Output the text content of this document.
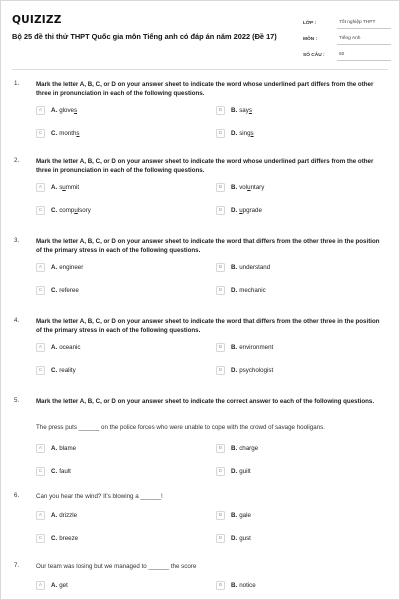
QUIZIZZ
Bộ 25 đề thi thử THPT Quốc gia môn Tiếng anh có đáp án năm 2022 (Đề 17)
LỚP :	Tốt nghiệp THPT
MÔN :	Tiếng Anh
SỐ CÂU :	50
1.	Mark the letter A, B, C, or D on your answer sheet to indicate the word whose underlined part differs from the other three in pronunciation in each of the following questions.
A	A. gloves	B	B. says
C	C. months	D	D. sings
2.	Mark the letter A, B, C, or D on your answer sheet to indicate the word whose underlined part differs from the other three in pronunciation in each of the following questions.
A	A. summit	B	B. voluntary
C	C. compulsory	D	D. upgrade
3.	Mark the letter A, B, C, or D on your answer sheet to indicate the word that differs from the other three in the position of the primary stress in each of the following questions.
A	A. engineer	B	B. understand
C	C. referee	D	D. mechanic
4.	Mark the letter A, B, C, or D on your answer sheet to indicate the word that differs from the other three in the position of the primary stress in each of the following questions.
A	A. oceanic	B	B. environment
C	C. reality	D	D. psychologist
5.	Mark the letter A, B, C, or D on your answer sheet to indicate the correct answer to each of the following questions.
The press puts ______ on the police forces who were unable to cope with the crowd of savage hooligans.
A	A. blame	B	B. charge
C	C. fault	D	D. guilt
6.	Can you hear the wind? It's blowing a ______!
A	A. drizzle	B	B. gale
C	C. breeze	D	D. gust
7.	Our team was losing but we managed to ______ the score
A	A. get	B	B. notice
